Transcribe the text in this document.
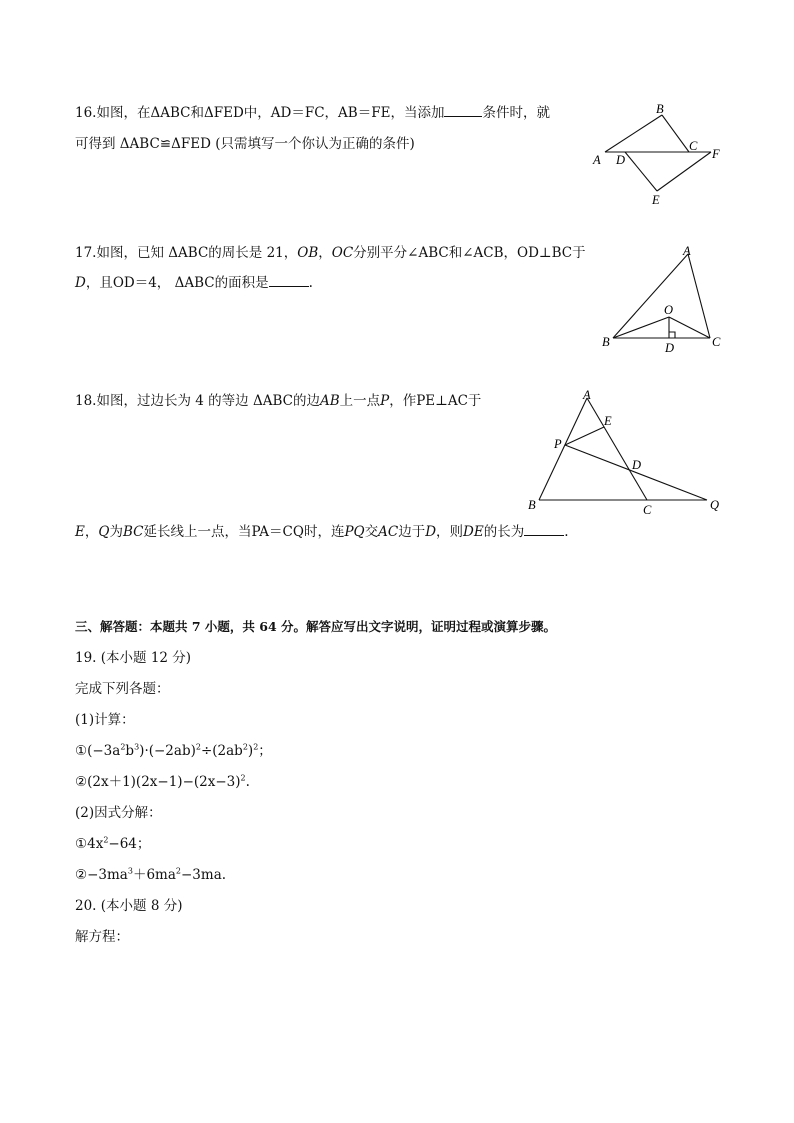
16.如图，在ΔABC和ΔFED中，AD＝FC，AB＝FE，当添加	条件时，就
可得到 ΔABC≌ΔFED (只需填写一个你认为正确的条件)
B
A D
C
F
E
17.如图，已知 ΔABC的周长是 21，OB，OC分别平分∠ABC和∠ACB，OD⊥BC于
D，且OD＝4， ΔABC的面积是	.
A
O
B	D	C
18.如图，过边长为 4 的等边 ΔABC的边AB上一点P，作PE⊥AC于	A
E
P
D
B	C	Q
E，Q为BC延长线上一点，当PA＝CQ时，连PQ交AC边于D，则DE的长为	.
三、解答题：本题共 7 小题，共 64 分。解答应写出文字说明，证明过程或演算步骤。
19. (本小题 12 分)
完成下列各题：
(1)计算：
$①(-3a^2b^3)\cdot(-2ab)^2\div(2ab^2)^2$；
$②(2x+1)(2x-1)-(2x-3)^2$.
(2)因式分解：
$①4x^2-64$；
$②-3ma^3+6ma^2-3ma$.
20. (本小题 8 分)
解方程：
